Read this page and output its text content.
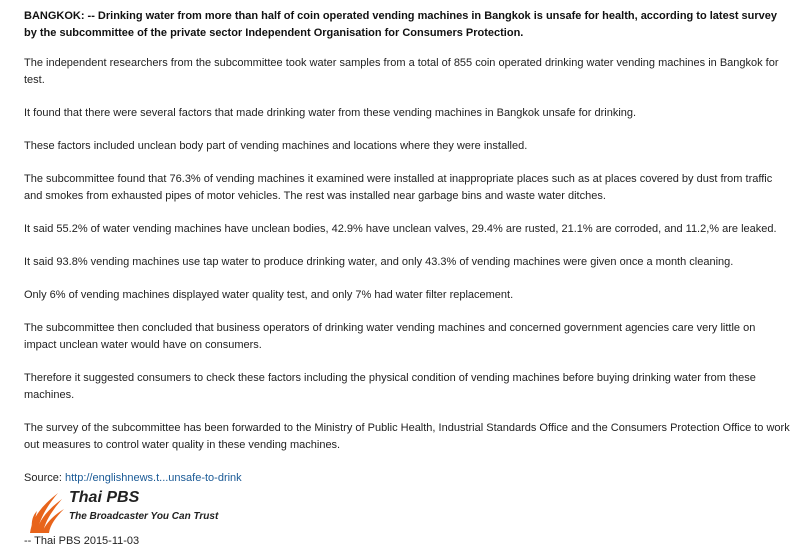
BANGKOK: -- Drinking water from more than half of coin operated vending machines in Bangkok is unsafe for health, according to latest survey by the subcommittee of the private sector Independent Organisation for Consumers Protection.

The independent researchers from the subcommittee took water samples from a total of 855 coin operated drinking water vending machines in Bangkok for test.

It found that there were several factors that made drinking water from these vending machines in Bangkok unsafe for drinking.

These factors included unclean body part of vending machines and locations where they were installed.

The subcommittee found that 76.3% of vending machines it examined were installed at inappropriate places such as at places covered by dust from traffic and smokes from exhausted pipes of motor vehicles. The rest was installed near garbage bins and waste water ditches.

It said 55.2% of water vending machines have unclean bodies, 42.9% have unclean valves, 29.4% are rusted, 21.1% are corroded, and 11.2,% are leaked.

It said 93.8% vending machines use tap water to produce drinking water, and only 43.3% of vending machines were given once a month cleaning.

Only 6% of vending machines displayed water quality test, and only 7% had water filter replacement.

The subcommittee then concluded that business operators of drinking water vending machines and concerned government agencies care very little on impact unclean water would have on consumers.

Therefore it suggested consumers to check these factors including the physical condition of vending machines before buying drinking water from these machines.

The survey of the subcommittee has been forwarded to the Ministry of Public Health, Industrial Standards Office and the Consumers Protection Office to work out measures to control water quality in these vending machines.

Source: http://englishnews.t...unsafe-to-drink

Thai PBS
The Broadcaster You Can Trust
-- Thai PBS 2015-11-03
